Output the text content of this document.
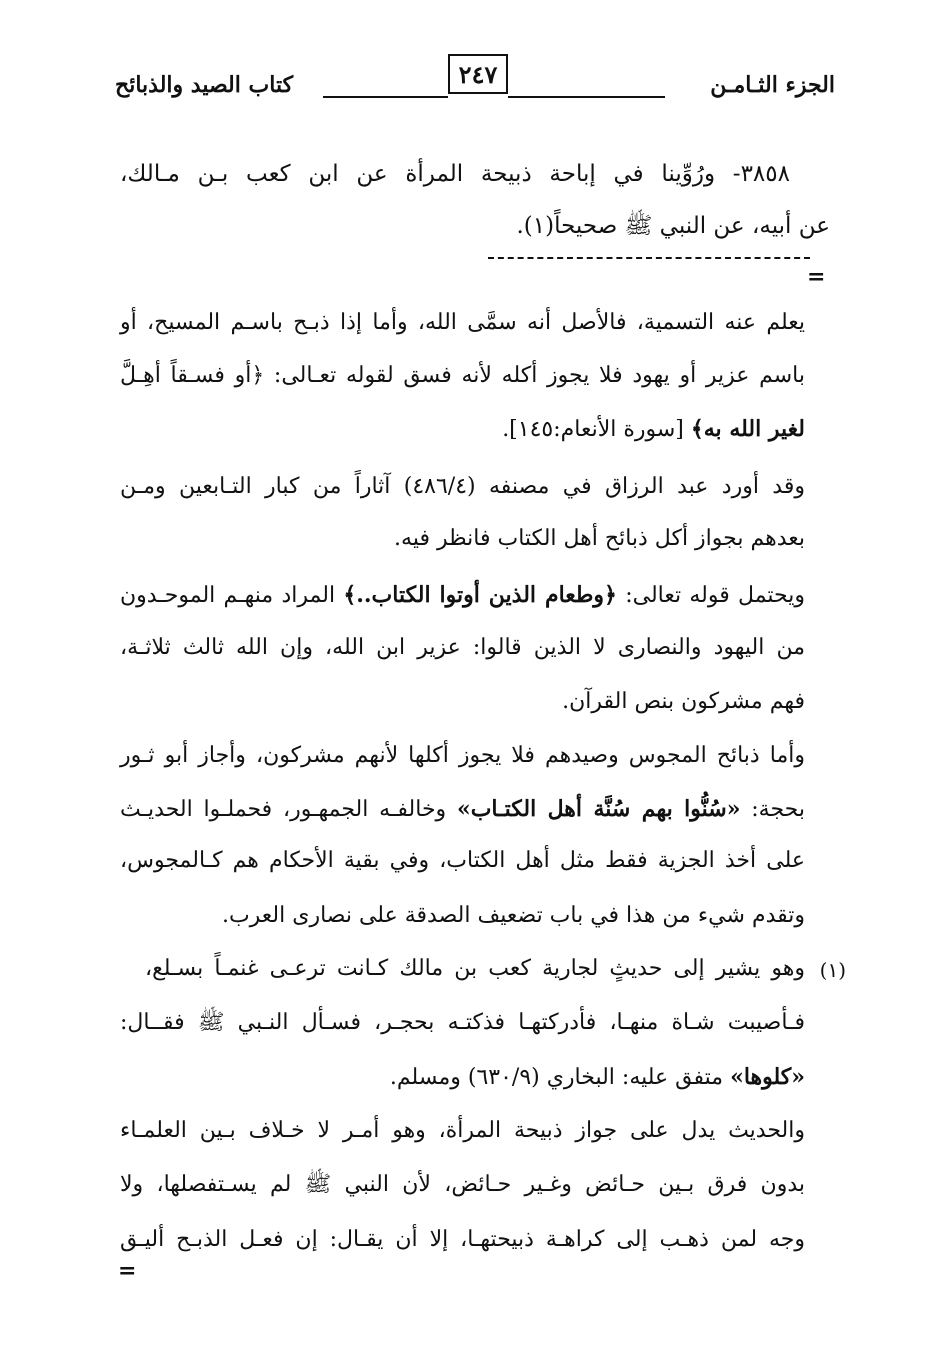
الجزء الثـامـن
٢٤٧
كتاب الصيد والذبائح
٣٨٥٨- ورُوِّينا في إباحة ذبيحة المرأة عن ابن كعب بـن مـالك،
عن أبيه، عن النبي ﷺ صحيحاً(١).
=
يعلم عنه التسمية، فالأصل أنه سمَّى الله، وأما إذا ذبـح باسـم المسيح، أو
باسم عزير أو يهود فلا يجوز أكله لأنه فسق لقوله تعـالى: ﴿أو فسـقاً أهِـلَّ
لغير الله به﴾ [سورة الأنعام:١٤٥].
وقد أورد عبد الرزاق في مصنفه (٤٨٦/٤) آثاراً من كبار التـابعين ومـن
بعدهم بجواز أكل ذبائح أهل الكتاب فانظر فيه.
ويحتمل قوله تعالى: ﴿وطعام الذين أوتوا الكتاب..﴾ المراد منهـم الموحـدون
من اليهود والنصارى لا الذين قالوا: عزير ابن الله، وإن الله ثالث ثلاثـة،
فهم مشركون بنص القرآن.
وأما ذبائح المجوس وصيدهم فلا يجوز أكلها لأنهم مشركون، وأجاز أبو ثـور
بحجة: «سُنُّوا بهم سُنَّة أهل الكتـاب» وخالفـه الجمهـور، فحملـوا الحديـث
على أخذ الجزية فقط مثل أهل الكتاب، وفي بقية الأحكام هم كـالمجوس،
وتقدم شيء من هذا في باب تضعيف الصدقة على نصارى العرب.
(١)
وهو يشير إلى حديثٍ لجارية كعب بن مالك كـانت ترعـى غنمـاً بسـلع،
فـأصيبت شـاة منهـا، فأدركتهـا فذكتـه بحجـر، فسـأل النـبي ﷺ فقــال:
«كلوها» متفق عليه: البخاري (٦٣٠/٩) ومسلم.
والحديث يدل على جواز ذبيحة المرأة، وهو أمـر لا خـلاف بـين العلمـاء
بدون فرق بـين حـائض وغـير حـائض، لأن النبي ﷺ لم يسـتفصلها، ولا
وجه لمن ذهـب إلى كراهـة ذبيحتهـا، إلا أن يقـال: إن فعـل الذبـح أليـق
=
